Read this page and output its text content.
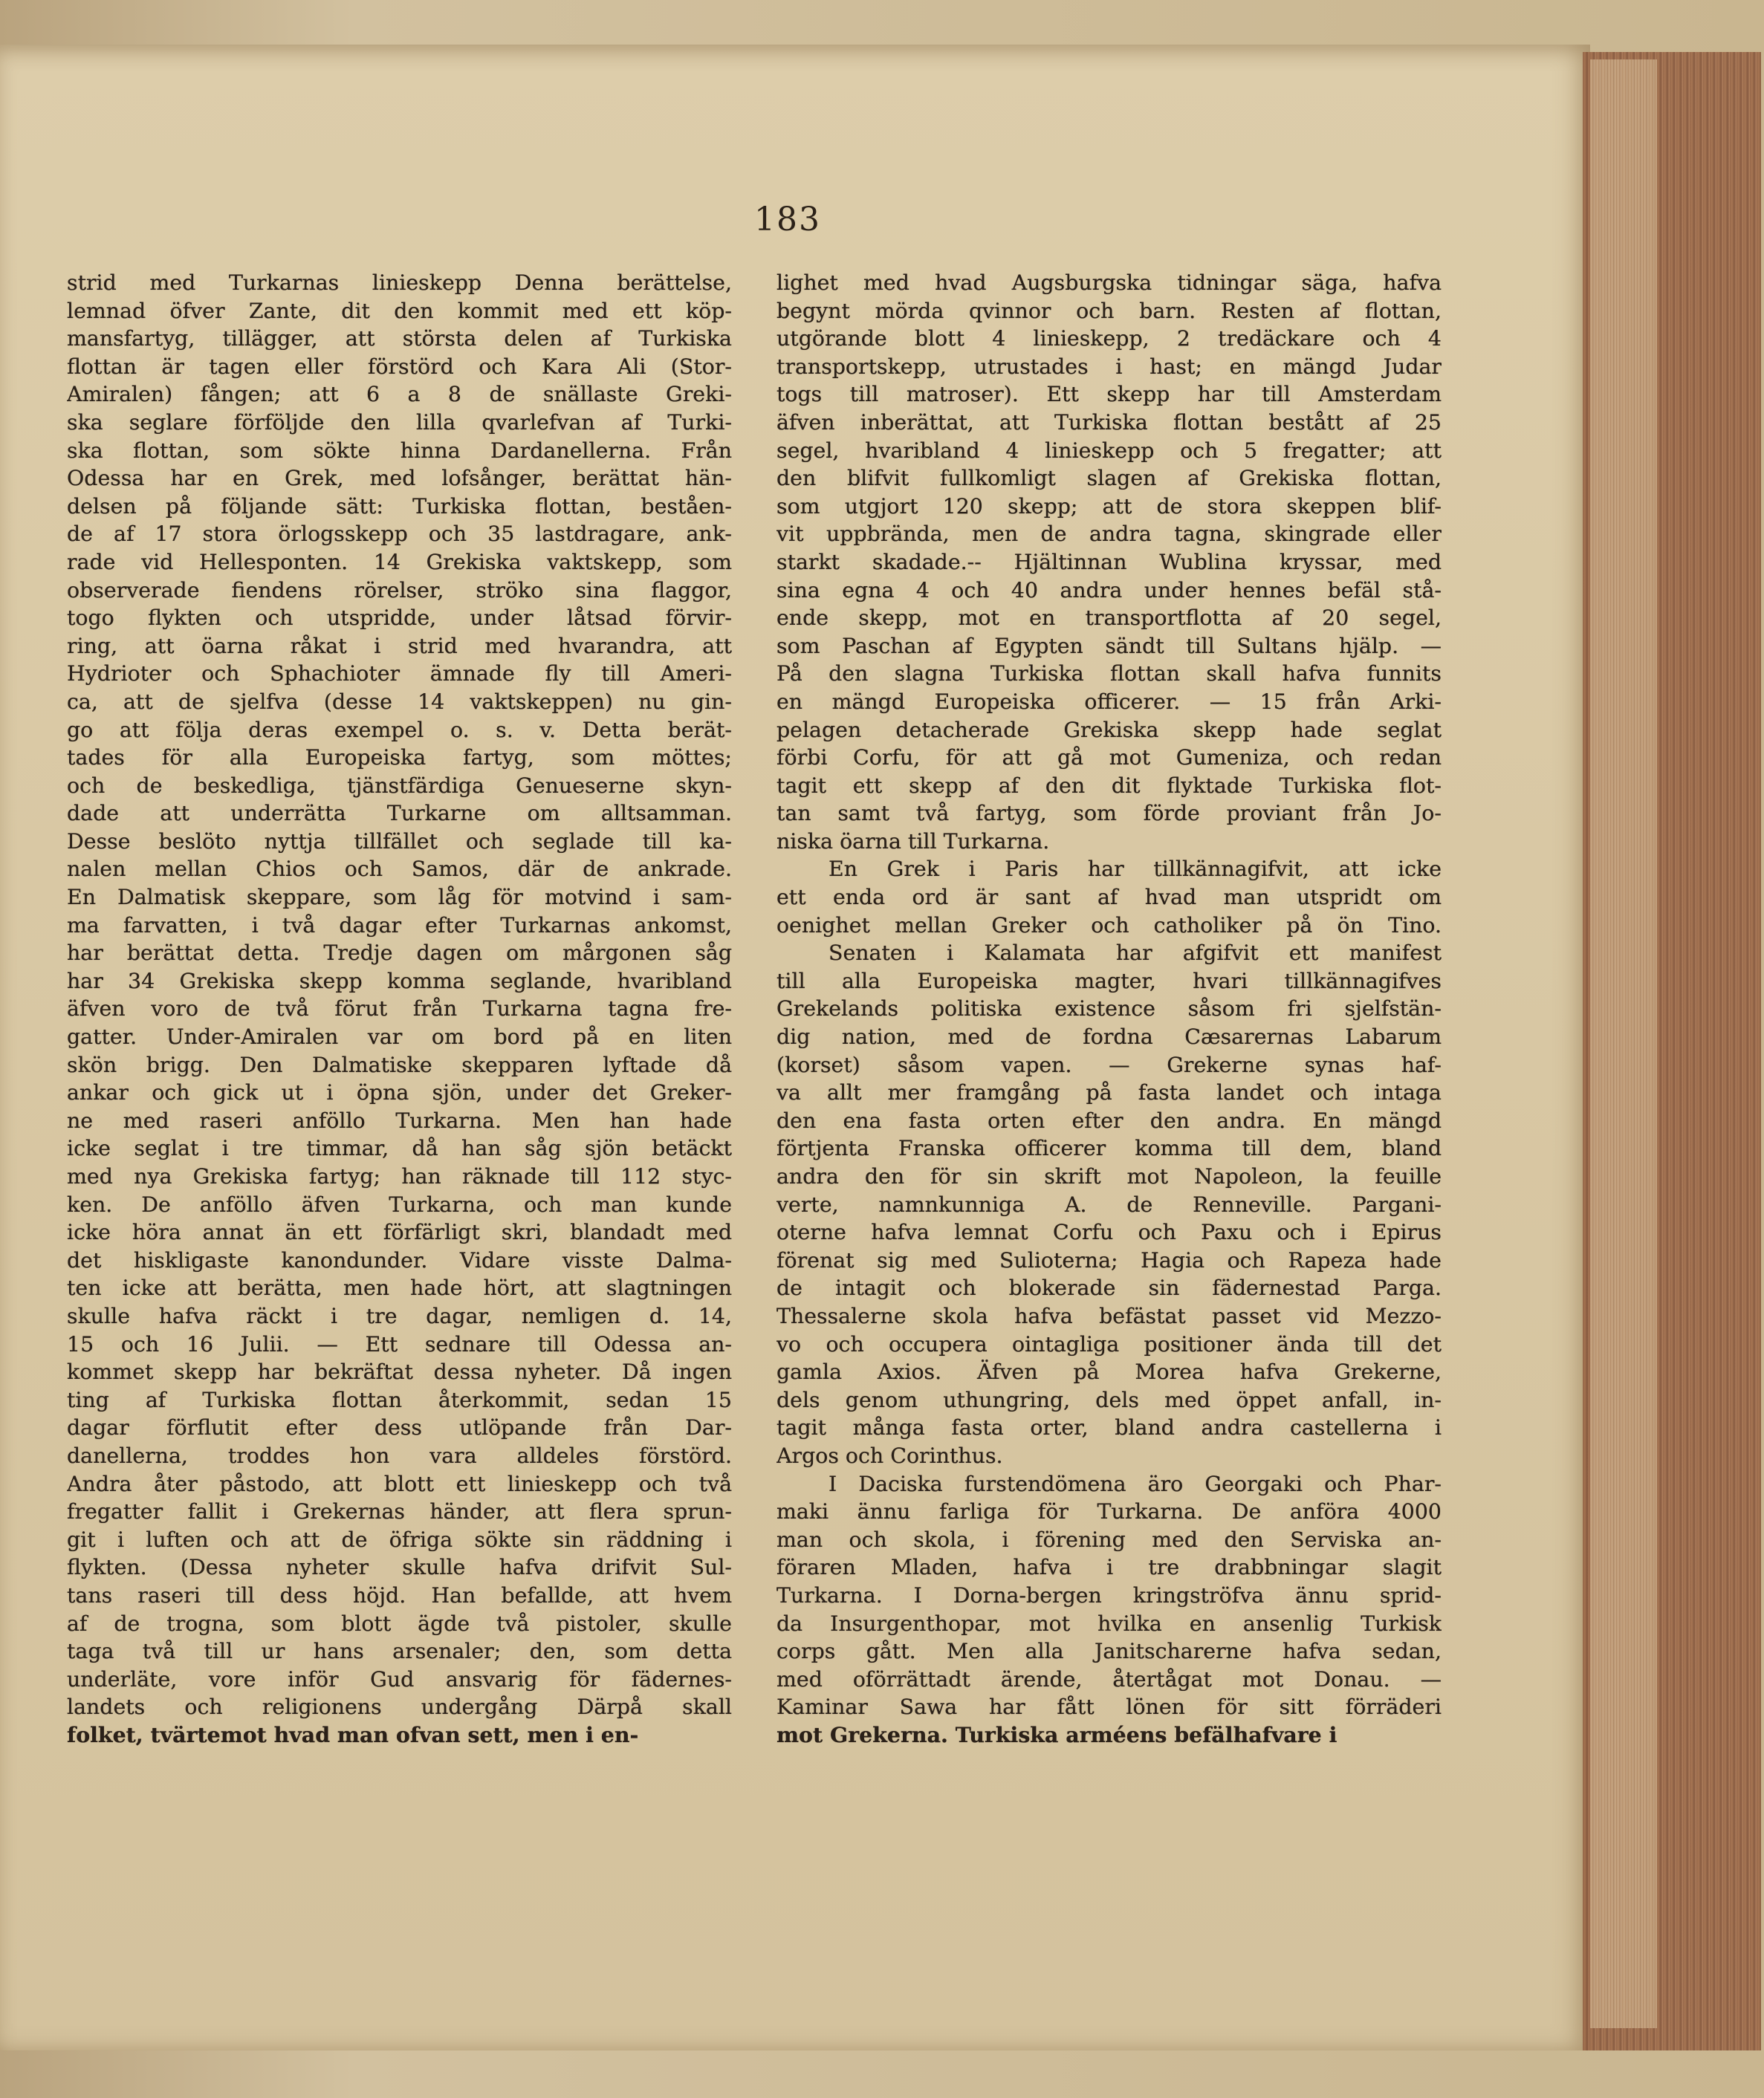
183
strid med Turkarnas linieskepp Denna berättelse,
lemnad öfver Zante, dit den kommit med ett köp-
mansfartyg, tillägger, att största delen af Turkiska
flottan är tagen eller förstörd och Kara Ali (Stor-
Amiralen) fången; att 6 a 8 de snällaste Greki-
ska seglare förföljde den lilla qvarlefvan af Turki-
ska flottan, som sökte hinna Dardanellerna. Från
Odessa har en Grek, med lofsånger, berättat hän-
delsen på följande sätt: Turkiska flottan, beståen-
de af 17 stora örlogsskepp och 35 lastdragare, ank-
rade vid Hellesponten. 14 Grekiska vaktskepp, som
observerade fiendens rörelser, ströko sina flaggor,
togo flykten och utspridde, under låtsad förvir-
ring, att öarna råkat i strid med hvarandra, att
Hydrioter och Sphachioter ämnade fly till Ameri-
ca, att de sjelfva (desse 14 vaktskeppen) nu gin-
go att följa deras exempel o. s. v. Detta berät-
tades för alla Europeiska fartyg, som möttes;
och de beskedliga, tjänstfärdiga Genueserne skyn-
dade att underrätta Turkarne om alltsamman.
Desse beslöto nyttja tillfället och seglade till ka-
nalen mellan Chios och Samos, där de ankrade.
En Dalmatisk skeppare, som låg för motvind i sam-
ma farvatten, i två dagar efter Turkarnas ankomst,
har berättat detta. Tredje dagen om mårgonen såg
har 34 Grekiska skepp komma seglande, hvaribland
äfven voro de två förut från Turkarna tagna fre-
gatter. Under-Amiralen var om bord på en liten
skön brigg. Den Dalmatiske skepparen lyftade då
ankar och gick ut i öpna sjön, under det Greker-
ne med raseri anföllo Turkarna. Men han hade
icke seglat i tre timmar, då han såg sjön betäckt
med nya Grekiska fartyg; han räknade till 112 styc-
ken. De anföllo äfven Turkarna, och man kunde
icke höra annat än ett förfärligt skri, blandadt med
det hiskligaste kanondunder. Vidare visste Dalma-
ten icke att berätta, men hade hört, att slagtningen
skulle hafva räckt i tre dagar, nemligen d. 14,
15 och 16 Julii. — Ett sednare till Odessa an-
kommet skepp har bekräftat dessa nyheter. Då ingen
ting af Turkiska flottan återkommit, sedan 15
dagar förflutit efter dess utlöpande från Dar-
danellerna, troddes hon vara alldeles förstörd.
Andra åter påstodo, att blott ett linieskepp och två
fregatter fallit i Grekernas händer, att flera sprun-
git i luften och att de öfriga sökte sin räddning i
flykten. (Dessa nyheter skulle hafva drifvit Sul-
tans raseri till dess höjd. Han befallde, att hvem
af de trogna, som blott ägde två pistoler, skulle
taga två till ur hans arsenaler; den, som detta
underläte, vore inför Gud ansvarig för fädernes-
landets och religionens undergång Därpå skall
folket, tvärtemot hvad man ofvan sett, men i en-
lighet med hvad Augsburgska tidningar säga, hafva
begynt mörda qvinnor och barn. Resten af flottan,
utgörande blott 4 linieskepp, 2 tredäckare och 4
transportskepp, utrustades i hast; en mängd Judar
togs till matroser). Ett skepp har till Amsterdam
äfven inberättat, att Turkiska flottan bestått af 25
segel, hvaribland 4 linieskepp och 5 fregatter; att
den blifvit fullkomligt slagen af Grekiska flottan,
som utgjort 120 skepp; att de stora skeppen blif-
vit uppbrända, men de andra tagna, skingrade eller
starkt skadade.-- Hjältinnan Wublina kryssar, med
sina egna 4 och 40 andra under hennes befäl stå-
ende skepp, mot en transportflotta af 20 segel,
som Paschan af Egypten sändt till Sultans hjälp. —
På den slagna Turkiska flottan skall hafva funnits
en mängd Europeiska officerer. — 15 från Arki-
pelagen detacherade Grekiska skepp hade seglat
förbi Corfu, för att gå mot Gumeniza, och redan
tagit ett skepp af den dit flyktade Turkiska flot-
tan samt två fartyg, som förde proviant från Jo-
niska öarna till Turkarna.
En Grek i Paris har tillkännagifvit, att icke
ett enda ord är sant af hvad man utspridt om
oenighet mellan Greker och catholiker på ön Tino.
Senaten i Kalamata har afgifvit ett manifest
till alla Europeiska magter, hvari tillkännagifves
Grekelands politiska existence såsom fri sjelfstän-
dig nation, med de fordna Cæsarernas Labarum
(korset) såsom vapen. — Grekerne synas haf-
va allt mer framgång på fasta landet och intaga
den ena fasta orten efter den andra. En mängd
förtjenta Franska officerer komma till dem, bland
andra den för sin skrift mot Napoleon, la feuille
verte, namnkunniga A. de Renneville. Pargani-
oterne hafva lemnat Corfu och Paxu och i Epirus
förenat sig med Sulioterna; Hagia och Rapeza hade
de intagit och blokerade sin fädernestad Parga.
Thessalerne skola hafva befästat passet vid Mezzo-
vo och occupera ointagliga positioner ända till det
gamla Axios. Äfven på Morea hafva Grekerne,
dels genom uthungring, dels med öppet anfall, in-
tagit många fasta orter, bland andra castellerna i
Argos och Corinthus.
I Daciska furstendömena äro Georgaki och Phar-
maki ännu farliga för Turkarna. De anföra 4000
man och skola, i förening med den Serviska an-
föraren Mladen, hafva i tre drabbningar slagit
Turkarna. I Dorna-bergen kringströfva ännu sprid-
da Insurgenthopar, mot hvilka en ansenlig Turkisk
corps gått. Men alla Janitscharerne hafva sedan,
med oförrättadt ärende, återtågat mot Donau. —
Kaminar Sawa har fått lönen för sitt förräderi
mot Grekerna. Turkiska arméens befälhafvare i
